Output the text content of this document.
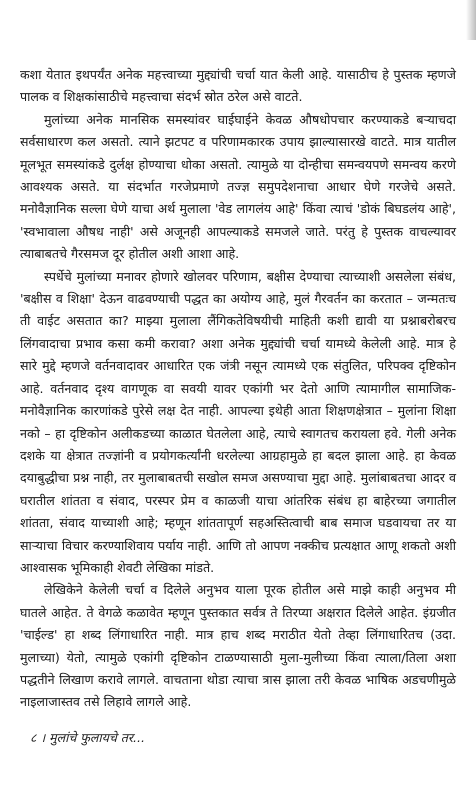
कशा येतात इथपर्यंत अनेक महत्त्वाच्या मुद्द्यांची चर्चा यात केली आहे. यासाठीच हे पुस्तक म्हणजे पालक व शिक्षकांसाठीचे महत्त्वाचा संदर्भ स्रोत ठरेल असे वाटते.

मुलांच्या अनेक मानसिक समस्यांवर घाईघाईने केवळ औषधोपचार करण्याकडे बऱ्याचदा सर्वसाधारण कल असतो. त्याने झटपट व परिणामकारक उपाय झाल्यासारखे वाटते. मात्र यातील मूलभूत समस्यांकडे दुर्लक्ष होण्याचा धोका असतो. त्यामुळे या दोन्हीचा समन्वयपणे समन्वय करणे आवश्यक असते. या संदर्भात गरजेप्रमाणे तज्ज्ञ समुपदेशनाचा आधार घेणे गरजेचे असते. मनोवैज्ञानिक सल्ला घेणे याचा अर्थ मुलाला 'वेड लागलंय आहे' किंवा त्याचं 'डोकं बिघडलंय आहे', 'स्वभावाला औषध नाही' असे अजूनही आपल्याकडे समजले जाते. परंतु हे पुस्तक वाचल्यावर त्याबाबतचे गैरसमज दूर होतील अशी आशा आहे.

स्पर्धेचे मुलांच्या मनावर होणारे खोलवर परिणाम, बक्षीस देण्याचा त्याच्याशी असलेला संबंध, 'बक्षीस व शिक्षा' देऊन वाढवण्याची पद्धत का अयोग्य आहे, मुलं गैरवर्तन का करतात – जन्मतःच ती वाईट असतात का? माझ्या मुलाला लैंगिकतेविषयीची माहिती कशी द्यावी या प्रश्नाबरोबरच लिंगवादाचा प्रभाव कसा कमी करावा? अशा अनेक मुद्द्यांची चर्चा यामध्ये केलेली आहे. मात्र हे सारे मुद्दे म्हणजे वर्तनवादावर आधारित एक जंत्री नसून त्यामध्ये एक संतुलित, परिपक्व दृष्टिकोन आहे. वर्तनवाद दृश्य वागणूक वा सवयी यावर एकांगी भर देतो आणि त्यामागील सामाजिक-मनोवैज्ञानिक कारणांकडे पुरेसे लक्ष देत नाही. आपल्या इथेही आता शिक्षणक्षेत्रात – मुलांना शिक्षा नको – हा दृष्टिकोन अलीकडच्या काळात घेतलेला आहे, त्याचे स्वागतच करायला हवे. गेली अनेक दशके या क्षेत्रात तज्ज्ञांनी व प्रयोगकर्त्यांनी धरलेल्या आग्रहामुळे हा बदल झाला आहे. हा केवळ दयाबुद्धीचा प्रश्न नाही, तर मुलाबाबतची सखोल समज असण्याचा मुद्दा आहे. मुलांबाबतचा आदर व घरातील शांतता व संवाद, परस्पर प्रेम व काळजी याचा आंतरिक संबंध हा बाहेरच्या जगातील शांतता, संवाद याच्याशी आहे; म्हणून शांततापूर्ण सहअस्तित्वाची बाब समाज घडवायचा तर या साऱ्याचा विचार करण्याशिवाय पर्याय नाही. आणि तो आपण नक्कीच प्रत्यक्षात आणू शकतो अशी आश्वासक भूमिकाही शेवटी लेखिका मांडते.

लेखिकेने केलेली चर्चा व दिलेले अनुभव याला पूरक होतील असे माझे काही अनुभव मी घातले आहेत. ते वेगळे कळावेत म्हणून पुस्तकात सर्वत्र ते तिरप्या अक्षरात दिलेले आहेत. इंग्रजीत 'चाईल्ड' हा शब्द लिंगाधारित नाही. मात्र हाच शब्द मराठीत येतो तेव्हा लिंगाधारितच (उदा. मुलाच्या) येतो, त्यामुळे एकांगी दृष्टिकोन टाळण्यासाठी मुला-मुलीच्या किंवा त्याला/तिला अशा पद्धतीने लिखाण करावे लागले. वाचताना थोडा त्याचा त्रास झाला तरी केवळ भाषिक अडचणीमुळे नाइलाजास्तव तसे लिहावे लागले आहे.

८ । मुलांचे फुलायचे तर...
